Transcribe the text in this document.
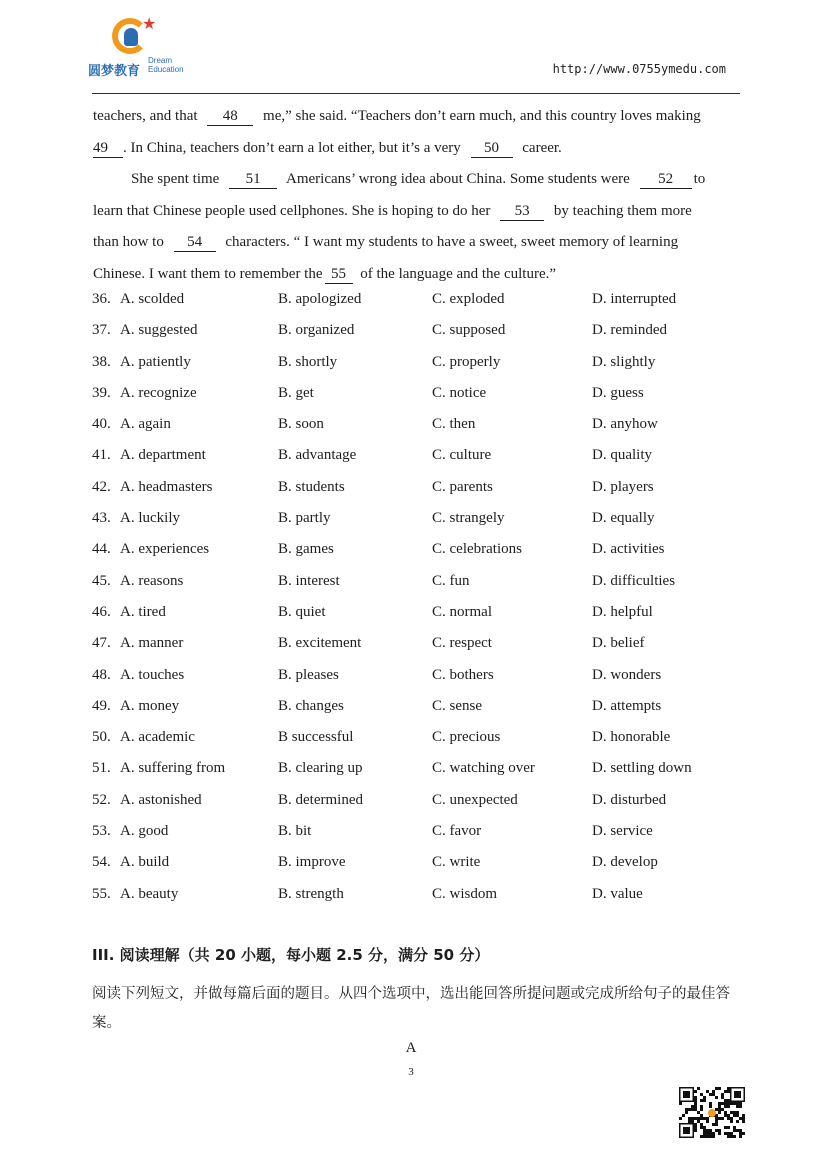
★
圆梦教育
Dream
Education	http://www.0755ymedu.com
teachers, and that 48 me,” she said. “Teachers don’t earn much, and this country loves making
49 . In China, teachers don’t earn a lot either, but it’s a very 50 career.
She spent time 51 Americans’ wrong idea about China. Some students were 52 to
learn that Chinese people used cellphones. She is hoping to do her 53 by teaching them more
than how to 54 characters. “ I want my students to have a sweet, sweet memory of learning
Chinese. I want them to remember the 55 of the language and the culture.”
36. A. scolded	B. apologized	C. exploded	D. interrupted
37. A. suggested	B. organized	C. supposed	D. reminded
38. A. patiently	B. shortly	C. properly	D. slightly
39. A. recognize	B. get	C. notice	D. guess
40. A. again	B. soon	C. then	D. anyhow
41. A. department	B. advantage	C. culture	D. quality
42. A. headmasters	B. students	C. parents	D. players
43. A. luckily	B. partly	C. strangely	D. equally
44. A. experiences	B. games	C. celebrations	D. activities
45. A. reasons	B. interest	C. fun	D. difficulties
46. A. tired	B. quiet	C. normal	D. helpful
47. A. manner	B. excitement	C. respect	D. belief
48. A. touches	B. pleases	C. bothers	D. wonders
49. A. money	B. changes	C. sense	D. attempts
50. A. academic	B successful	C. precious	D. honorable
51. A. suffering from	B. clearing up	C. watching over	D. settling down
52. A. astonished	B. determined	C. unexpected	D. disturbed
53. A. good	B. bit	C. favor	D. service
54. A. build	B. improve	C. write	D. develop
55. A. beauty	B. strength	C. wisdom	D. value
III. 阅读理解（共 20 小题，每小题 2.5 分，满分 50 分）
阅读下列短文，并做每篇后面的题目。从四个选项中，选出能回答所提问题或完成所给句子的最佳答案。
A
3
